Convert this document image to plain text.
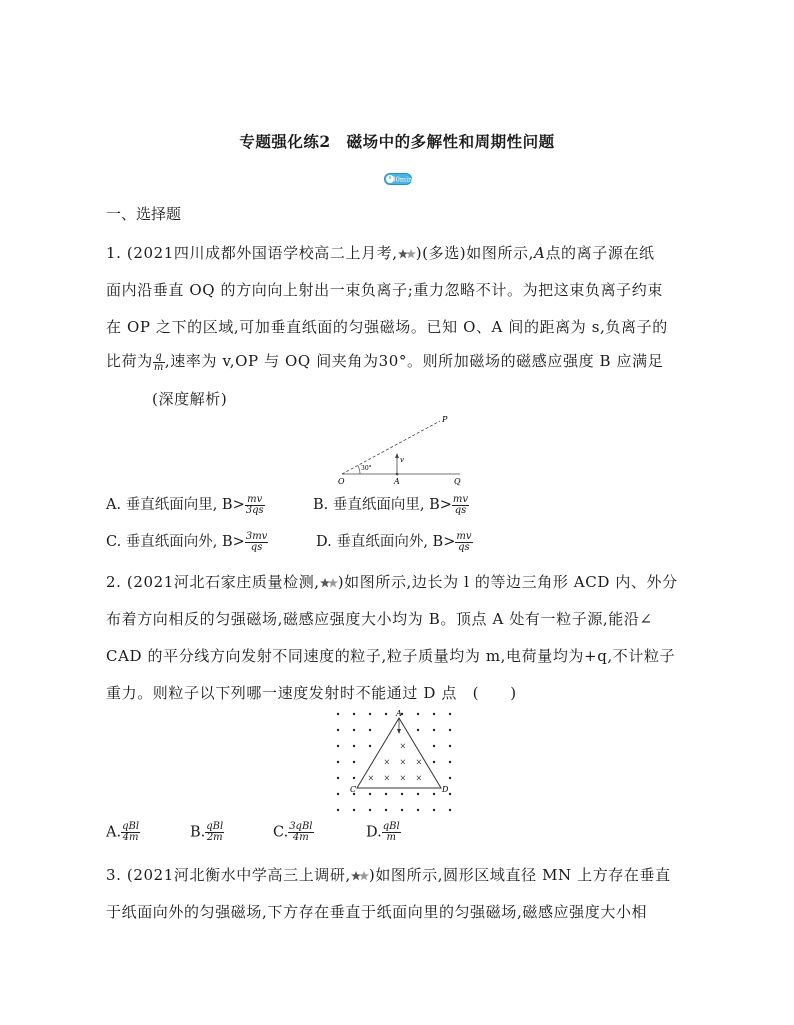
专题强化练2　磁场中的多解性和周期性问题
30min
一、选择题
1. (2021四川成都外国语学校高二上月考, )(多选)如图所示,A点的离子源在纸
面内沿垂直 OQ 的方向向上射出一束负离子;重力忽略不计。为把这束负离子约束
在 OP 之下的区域,可加垂直纸面的匀强磁场。已知 O、A 间的距离为 s,负离子的
比荷为 $\frac{q}{m}$ ,速率为 v,OP 与 OQ 间夹角为30°。则所加磁场的磁感应强度 B 应满足
(深度解析)
P
O	A	Q
v
30°
A. 垂直纸面向里, $B> \frac{mv}{3qs}$	B. 垂直纸面向里, $B> \frac{mv}{qs}$
C. 垂直纸面向外, $B> \frac{3mv}{qs}$	D. 垂直纸面向外, $B> \frac{mv}{qs}$
2. (2021河北石家庄质量检测, )如图所示,边长为 l 的等边三角形 ACD 内、外分
布着方向相反的匀强磁场,磁感应强度大小均为 B。顶点 A 处有一粒子源,能沿∠
CAD 的平分线方向发射不同速度的粒子,粒子质量均为 m,电荷量均为+q,不计粒子
重力。则粒子以下列哪一速度发射时不能通过 D 点　(　　)
×
× × ×
× × × ×
A
C	D
A. $\frac{\text{qBl}}{4m}$	B. $\frac{\text{qBl}}{2m}$	C. $\frac{\text{3qBl}}{4m}$	D. $\frac{\text{qBl}}{m}$
3. (2021河北衡水中学高三上调研, )如图所示,圆形区域直径 MN 上方存在垂直
于纸面向外的匀强磁场,下方存在垂直于纸面向里的匀强磁场,磁感应强度大小相
